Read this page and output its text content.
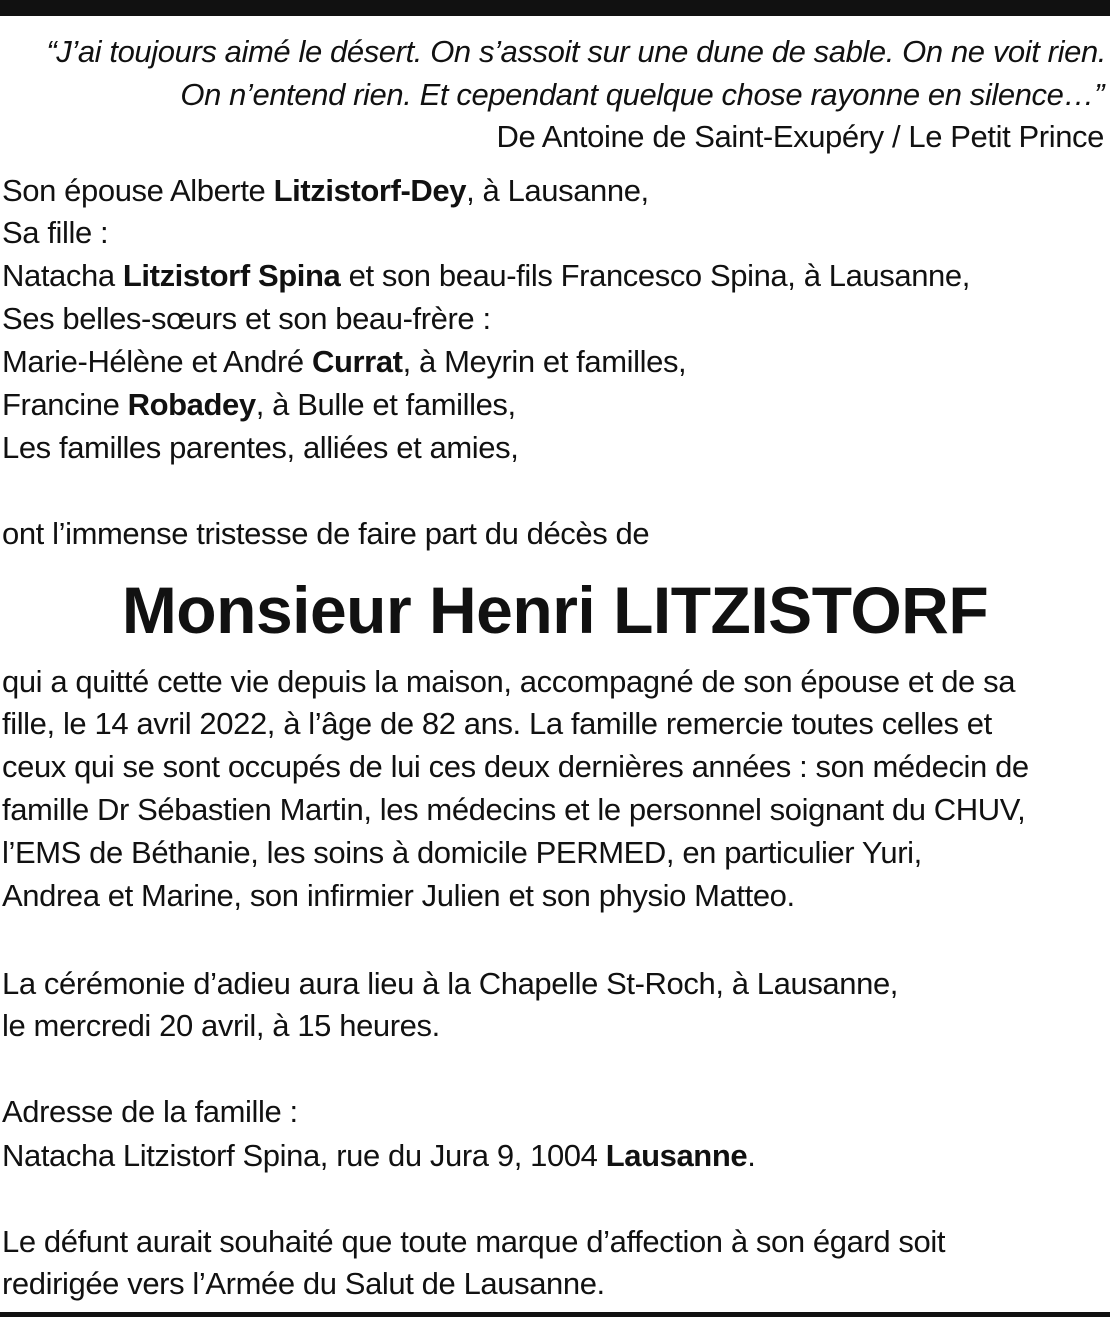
“J’ai toujours aimé le désert. On s’assoit sur une dune de sable. On ne voit rien.
On n’entend rien. Et cependant quelque chose rayonne en silence…”
De Antoine de Saint-Exupéry / Le Petit Prince
Son épouse Alberte Litzistorf-Dey, à Lausanne,
Sa fille :
Natacha Litzistorf Spina et son beau-fils Francesco Spina, à Lausanne,
Ses belles-sœurs et son beau-frère :
Marie-Hélène et André Currat, à Meyrin et familles,
Francine Robadey, à Bulle et familles,
Les familles parentes, alliées et amies,
ont l’immense tristesse de faire part du décès de
Monsieur Henri LITZISTORF
qui a quitté cette vie depuis la maison, accompagné de son épouse et de sa
fille, le 14 avril 2022, à l’âge de 82 ans. La famille remercie toutes celles et
ceux qui se sont occupés de lui ces deux dernières années : son médecin de
famille Dr Sébastien Martin, les médecins et le personnel soignant du CHUV,
l’EMS de Béthanie, les soins à domicile PERMED, en particulier Yuri,
Andrea et Marine, son infirmier Julien et son physio Matteo.
La cérémonie d’adieu aura lieu à la Chapelle St-Roch, à Lausanne,
le mercredi 20 avril, à 15 heures.
Adresse de la famille :
Natacha Litzistorf Spina, rue du Jura 9, 1004 Lausanne.
Le défunt aurait souhaité que toute marque d’affection à son égard soit
redirigée vers l’Armée du Salut de Lausanne.
